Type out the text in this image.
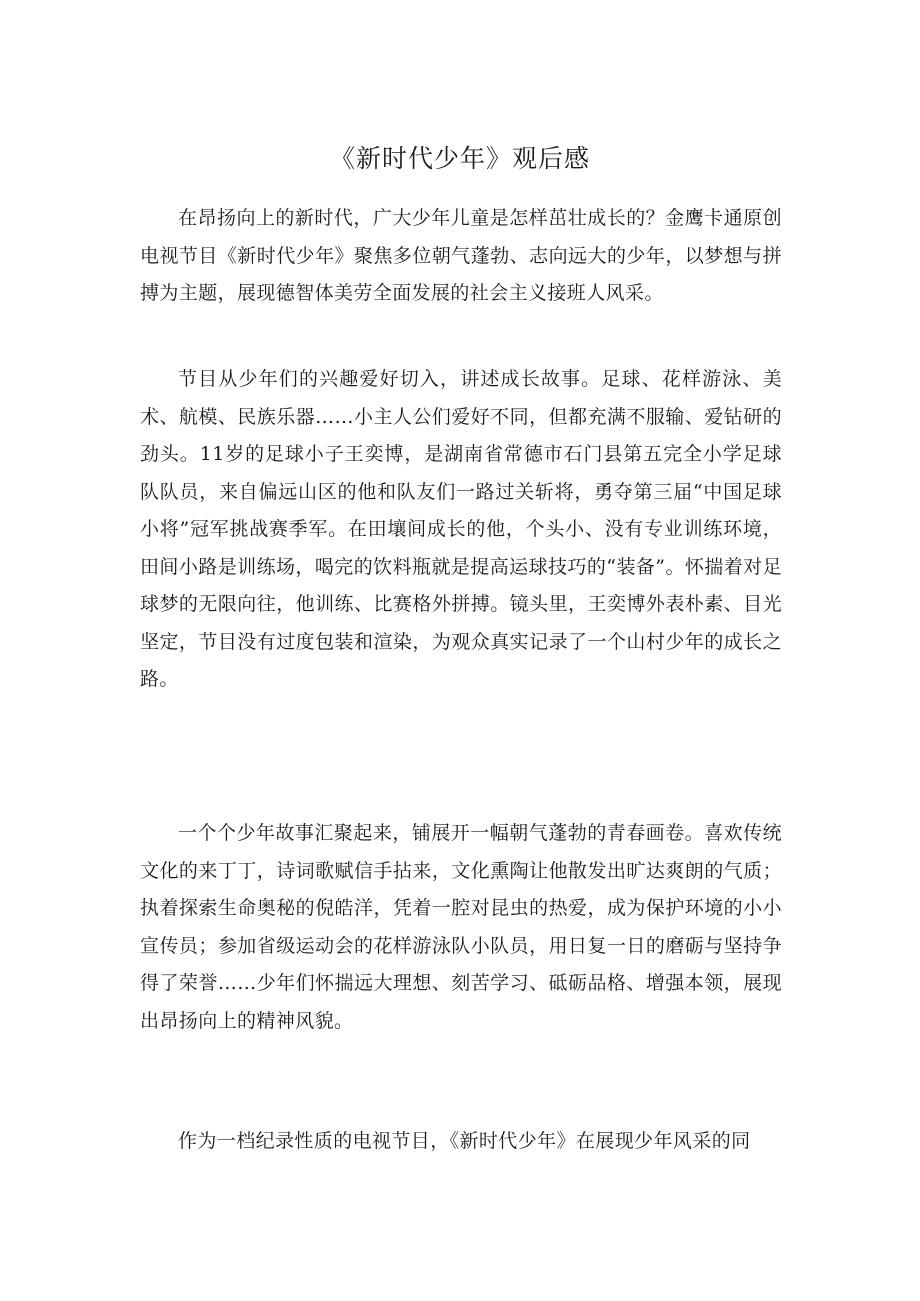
《新时代少年》观后感

在昂扬向上的新时代，广大少年儿童是怎样茁壮成长的？金鹰卡通原创电视节目《新时代少年》聚焦多位朝气蓬勃、志向远大的少年，以梦想与拼搏为主题，展现德智体美劳全面发展的社会主义接班人风采。

节目从少年们的兴趣爱好切入，讲述成长故事。足球、花样游泳、美术、航模、民族乐器……小主人公们爱好不同，但都充满不服输、爱钻研的劲头。11岁的足球小子王奕博，是湖南省常德市石门县第五完全小学足球队队员，来自偏远山区的他和队友们一路过关斩将，勇夺第三届“中国足球小将”冠军挑战赛季军。在田壤间成长的他，个头小、没有专业训练环境，田间小路是训练场，喝完的饮料瓶就是提高运球技巧的“装备”。怀揣着对足球梦的无限向往，他训练、比赛格外拼搏。镜头里，王奕博外表朴素、目光坚定，节目没有过度包装和渲染，为观众真实记录了一个山村少年的成长之路。

一个个少年故事汇聚起来，铺展开一幅朝气蓬勃的青春画卷。喜欢传统文化的来丁丁，诗词歌赋信手拈来，文化熏陶让他散发出旷达爽朗的气质；执着探索生命奥秘的倪皓洋，凭着一腔对昆虫的热爱，成为保护环境的小小宣传员；参加省级运动会的花样游泳队小队员，用日复一日的磨砺与坚持争得了荣誉……少年们怀揣远大理想、刻苦学习、砥砺品格、增强本领，展现出昂扬向上的精神风貌。

作为一档纪录性质的电视节目，《新时代少年》在展现少年风采的同
